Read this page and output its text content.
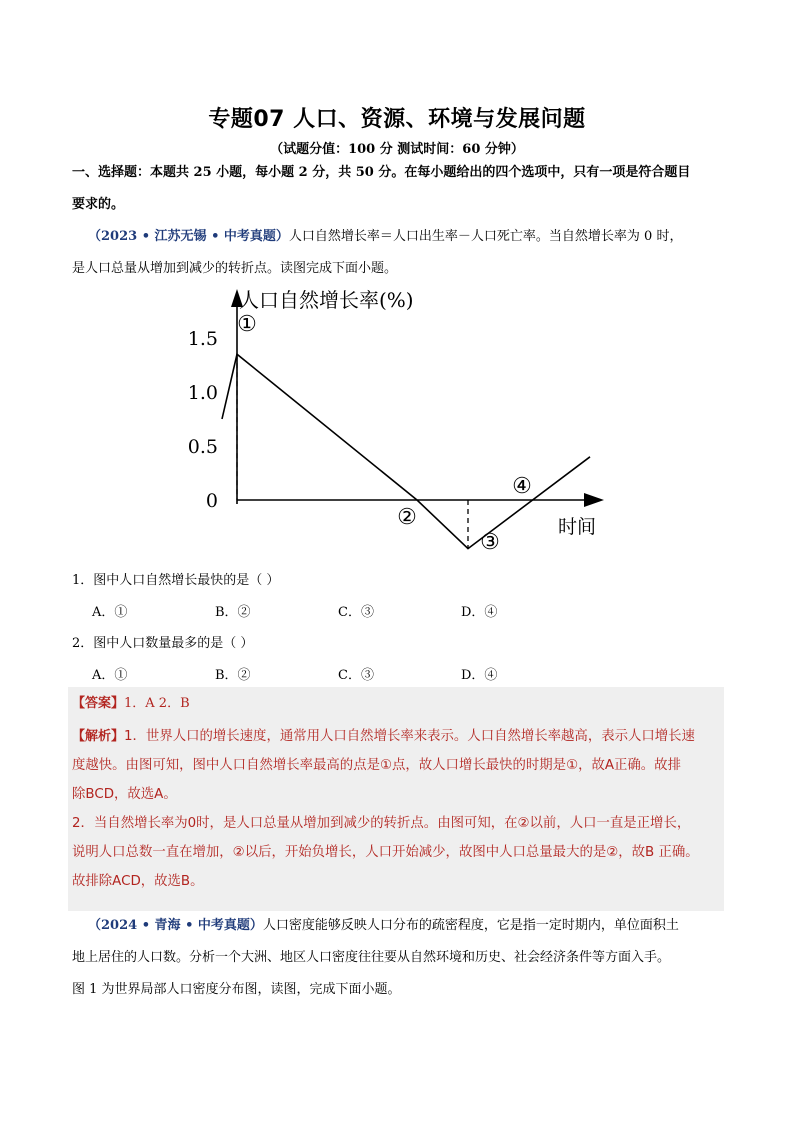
专题07 人口、资源、环境与发展问题
（试题分值：100 分 测试时间：60 分钟）
一、选择题：本题共 25 小题，每小题 2 分，共 50 分。在每小题给出的四个选项中，只有一项是符合题目
要求的。
（2023 • 江苏无锡 • 中考真题）人口自然增长率＝人口出生率－人口死亡率。当自然增长率为 0 时，
是人口总量从增加到减少的转折点。读图完成下面小题。
人口自然增长率(%)
时间
1.5
1.0
0.5
0
①
②
③
④
1．图中人口自然增长最快的是（ ）
A．①	B．②	C．③	D．④
2．图中人口数量最多的是（ ）
A．①	B．②	C．③	D．④
【答案】1．A 2．B
【解析】1．世界人口的增长速度，通常用人口自然增长率来表示。人口自然增长率越高，表示人口增长速
度越快。由图可知，图中人口自然增长率最高的点是①点，故人口增长最快的时期是①，故A正确。故排
除BCD，故选A。
2．当自然增长率为0时，是人口总量从增加到减少的转折点。由图可知，在②以前，人口一直是正增长，
说明人口总数一直在增加，②以后，开始负增长，人口开始减少，故图中人口总量最大的是②，故B 正确。
故排除ACD，故选B。
（2024 • 青海 • 中考真题）人口密度能够反映人口分布的疏密程度，它是指一定时期内，单位面积土
地上居住的人口数。分析一个大洲、地区人口密度往往要从自然环境和历史、社会经济条件等方面入手。
图 1 为世界局部人口密度分布图，读图，完成下面小题。
